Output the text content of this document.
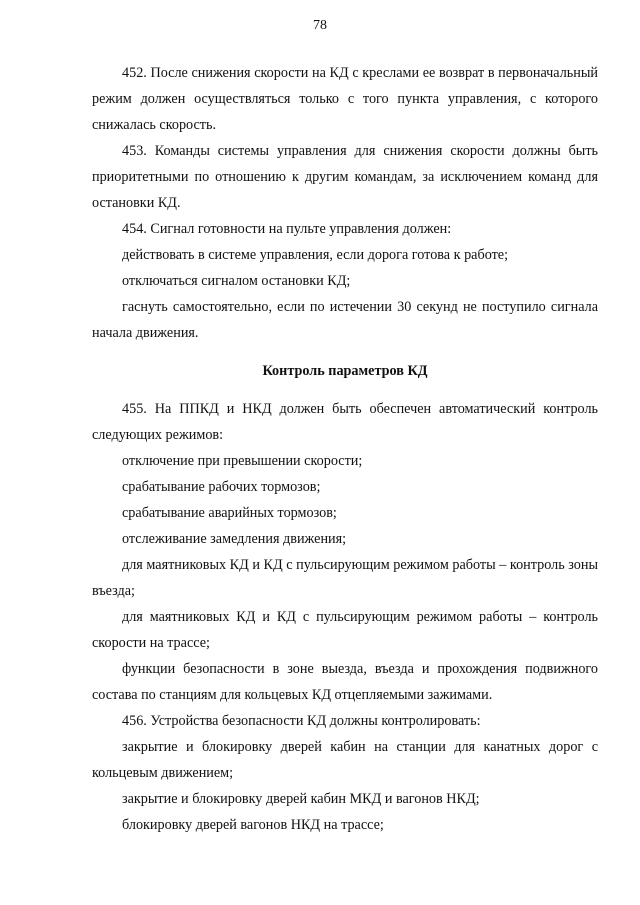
78

452. После снижения скорости на КД с креслами ее возврат в первоначальный режим должен осуществляться только с того пункта управления, с которого снижалась скорость.

453. Команды системы управления для снижения скорости должны быть приоритетными по отношению к другим командам, за исключением команд для остановки КД.

454. Сигнал готовности на пульте управления должен:

действовать в системе управления, если дорога готова к работе;

отключаться сигналом остановки КД;

гаснуть самостоятельно, если по истечении 30 секунд не поступило сигнала начала движения.

Контроль параметров КД

455. На ППКД и НКД должен быть обеспечен автоматический контроль следующих режимов:

отключение при превышении скорости;

срабатывание рабочих тормозов;

срабатывание аварийных тормозов;

отслеживание замедления движения;

для маятниковых КД и КД с пульсирующим режимом работы – контроль зоны въезда;

для маятниковых КД и КД с пульсирующим режимом работы – контроль скорости на трассе;

функции безопасности в зоне выезда, въезда и прохождения подвижного состава по станциям для кольцевых КД отцепляемыми зажимами.

456. Устройства безопасности КД должны контролировать:

закрытие и блокировку дверей кабин на станции для канатных дорог с кольцевым движением;

закрытие и блокировку дверей кабин МКД и вагонов НКД;

блокировку дверей вагонов НКД на трассе;
